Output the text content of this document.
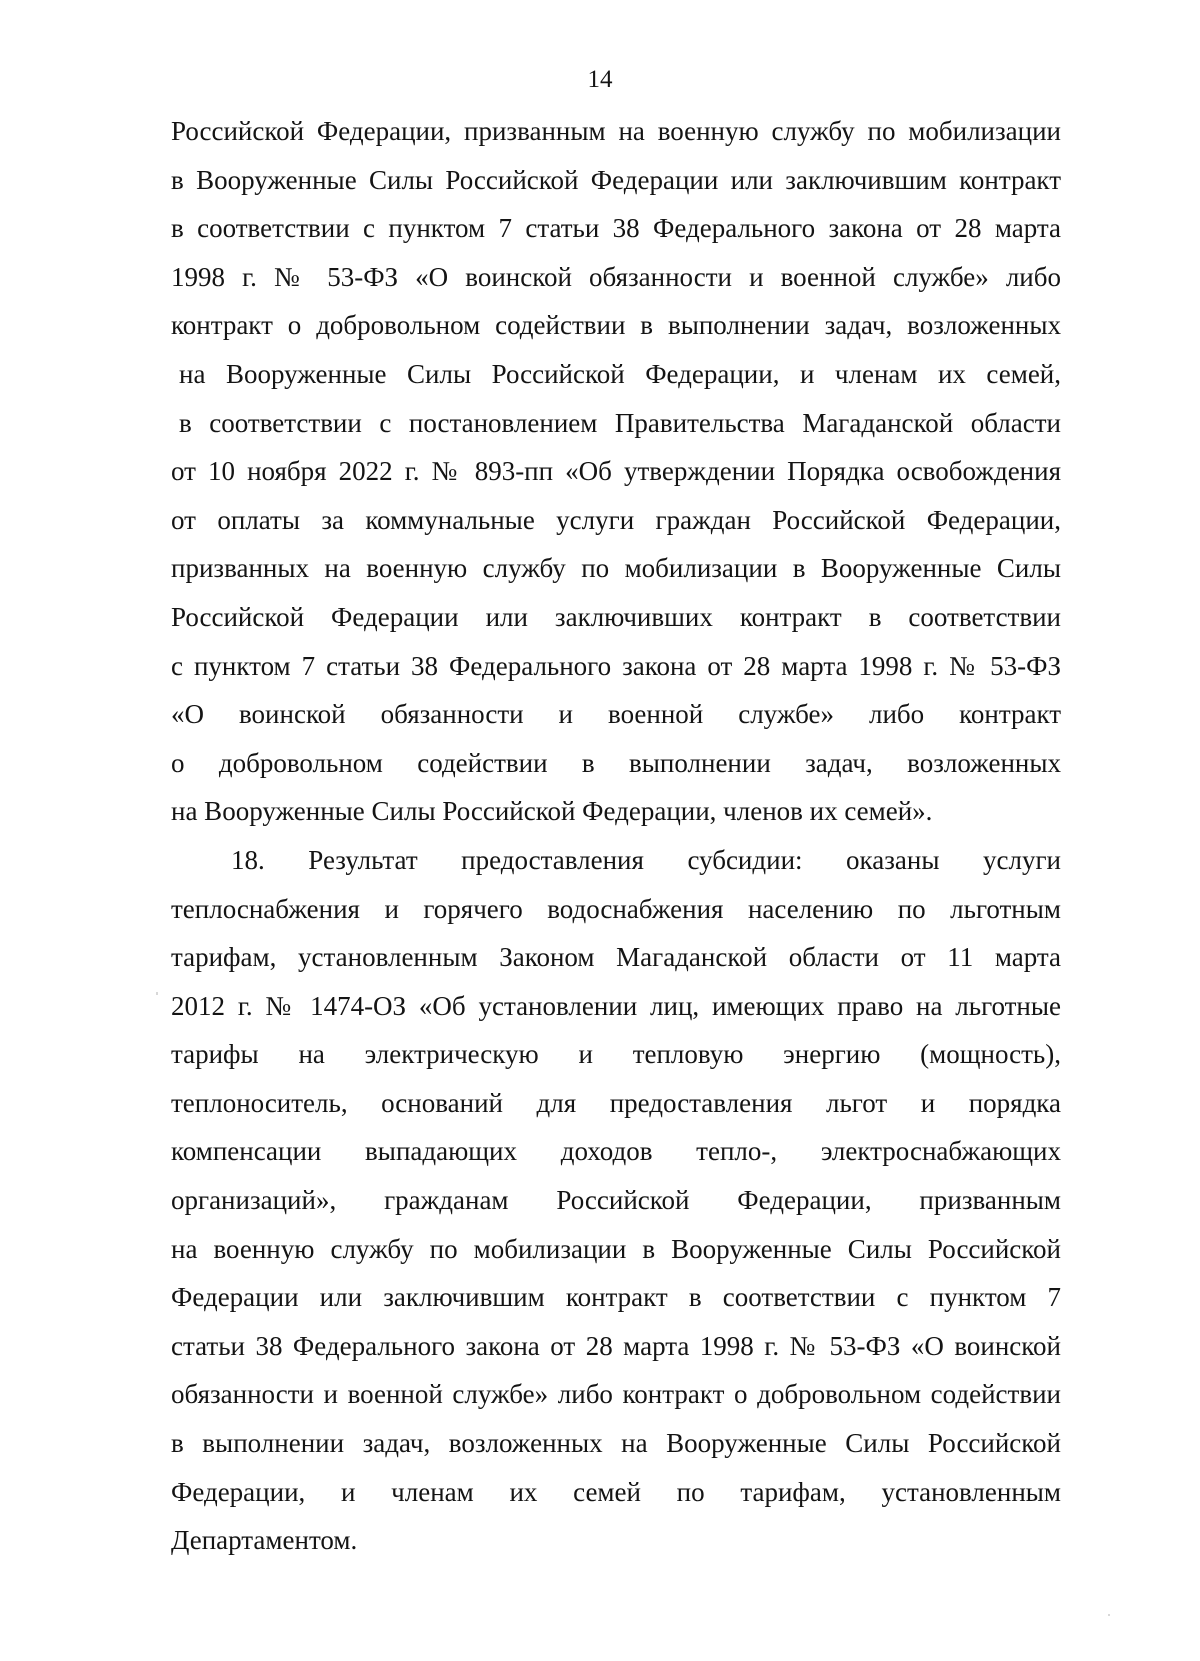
14
Российской Федерации, призванным на военную службу по мобилизации
в Вооруженные Силы Российской Федерации или заключившим контракт
в соответствии с пунктом 7 статьи 38 Федерального закона от 28 марта
1998 г. № 53-ФЗ «О воинской обязанности и военной службе» либо
контракт о добровольном содействии в выполнении задач, возложенных
на Вооруженные Силы Российской Федерации, и членам их семей,
в соответствии с постановлением Правительства Магаданской области
от 10 ноября 2022 г. № 893-пп «Об утверждении Порядка освобождения
от оплаты за коммунальные услуги граждан Российской Федерации,
призванных на военную службу по мобилизации в Вооруженные Силы
Российской Федерации или заключивших контракт в соответствии
с пунктом 7 статьи 38 Федерального закона от 28 марта 1998 г. № 53-ФЗ
«О воинской обязанности и военной службе» либо контракт
о добровольном содействии в выполнении задач, возложенных
на Вооруженные Силы Российской Федерации, членов их семей».
18. Результат предоставления субсидии: оказаны услуги
теплоснабжения и горячего водоснабжения населению по льготным
тарифам, установленным Законом Магаданской области от 11 марта
2012 г. № 1474-ОЗ «Об установлении лиц, имеющих право на льготные
тарифы на электрическую и тепловую энергию (мощность),
теплоноситель, оснований для предоставления льгот и порядка
компенсации выпадающих доходов тепло-, электроснабжающих
организаций», гражданам Российской Федерации, призванным
на военную службу по мобилизации в Вооруженные Силы Российской
Федерации или заключившим контракт в соответствии с пунктом 7
статьи 38 Федерального закона от 28 марта 1998 г. № 53-ФЗ «О воинской
обязанности и военной службе» либо контракт о добровольном содействии
в выполнении задач, возложенных на Вооруженные Силы Российской
Федерации, и членам их семей по тарифам, установленным
Департаментом.
